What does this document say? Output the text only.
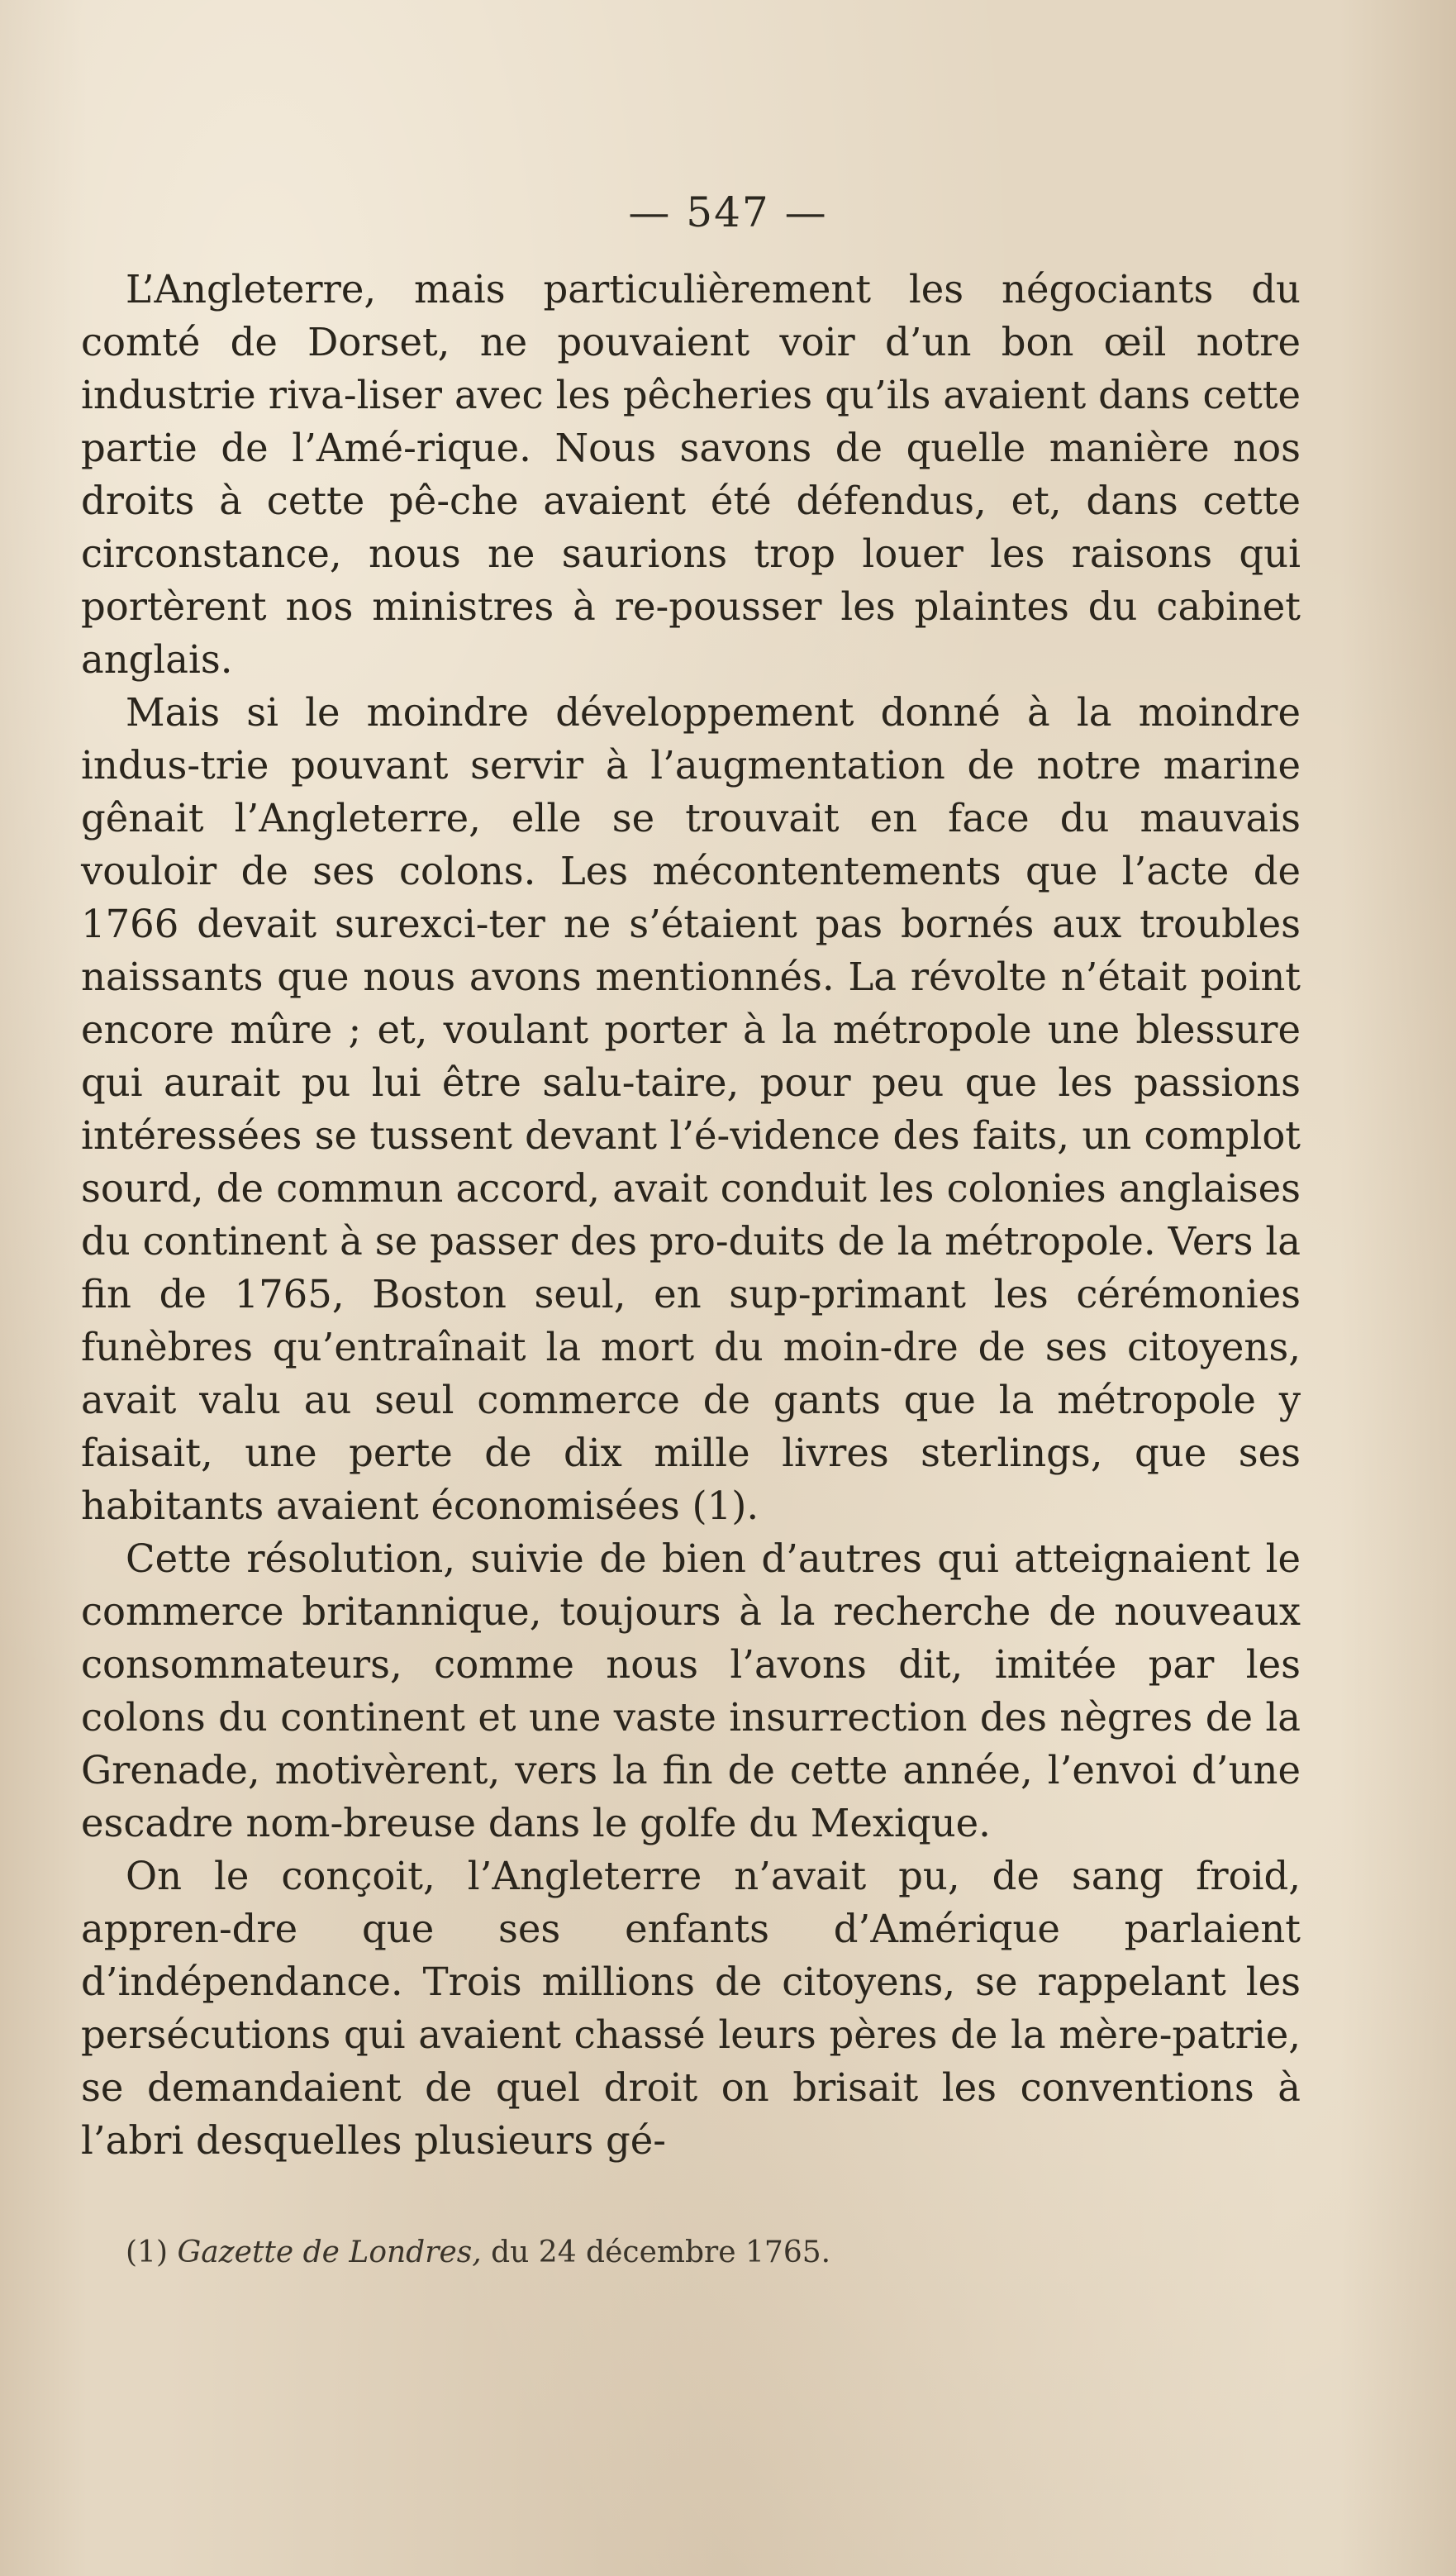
— 547 —

L’Angleterre, mais particulièrement les négociants du comté de Dorset, ne pouvaient voir d’un bon œil notre industrie riva-liser avec les pêcheries qu’ils avaient dans cette partie de l’Amé-rique. Nous savons de quelle manière nos droits à cette pê-che avaient été défendus, et, dans cette circonstance, nous ne saurions trop louer les raisons qui portèrent nos ministres à re-pousser les plaintes du cabinet anglais.

Mais si le moindre développement donné à la moindre indus-trie pouvant servir à l’augmentation de notre marine gênait l’Angleterre, elle se trouvait en face du mauvais vouloir de ses colons. Les mécontentements que l’acte de 1766 devait surexci-ter ne s’étaient pas bornés aux troubles naissants que nous avons mentionnés. La révolte n’était point encore mûre ; et, voulant porter à la métropole une blessure qui aurait pu lui être salu-taire, pour peu que les passions intéressées se tussent devant l’é-vidence des faits, un complot sourd, de commun accord, avait conduit les colonies anglaises du continent à se passer des pro-duits de la métropole. Vers la fin de 1765, Boston seul, en sup-primant les cérémonies funèbres qu’entraînait la mort du moin-dre de ses citoyens, avait valu au seul commerce de gants que la métropole y faisait, une perte de dix mille livres sterlings, que ses habitants avaient économisées (1).

Cette résolution, suivie de bien d’autres qui atteignaient le commerce britannique, toujours à la recherche de nouveaux consommateurs, comme nous l’avons dit, imitée par les colons du continent et une vaste insurrection des nègres de la Grenade, motivèrent, vers la fin de cette année, l’envoi d’une escadre nom-breuse dans le golfe du Mexique.

On le conçoit, l’Angleterre n’avait pu, de sang froid, appren-dre que ses enfants d’Amérique parlaient d’indépendance. Trois millions de citoyens, se rappelant les persécutions qui avaient chassé leurs pères de la mère-patrie, se demandaient de quel droit on brisait les conventions à l’abri desquelles plusieurs gé-

(1) Gazette de Londres, du 24 décembre 1765.
